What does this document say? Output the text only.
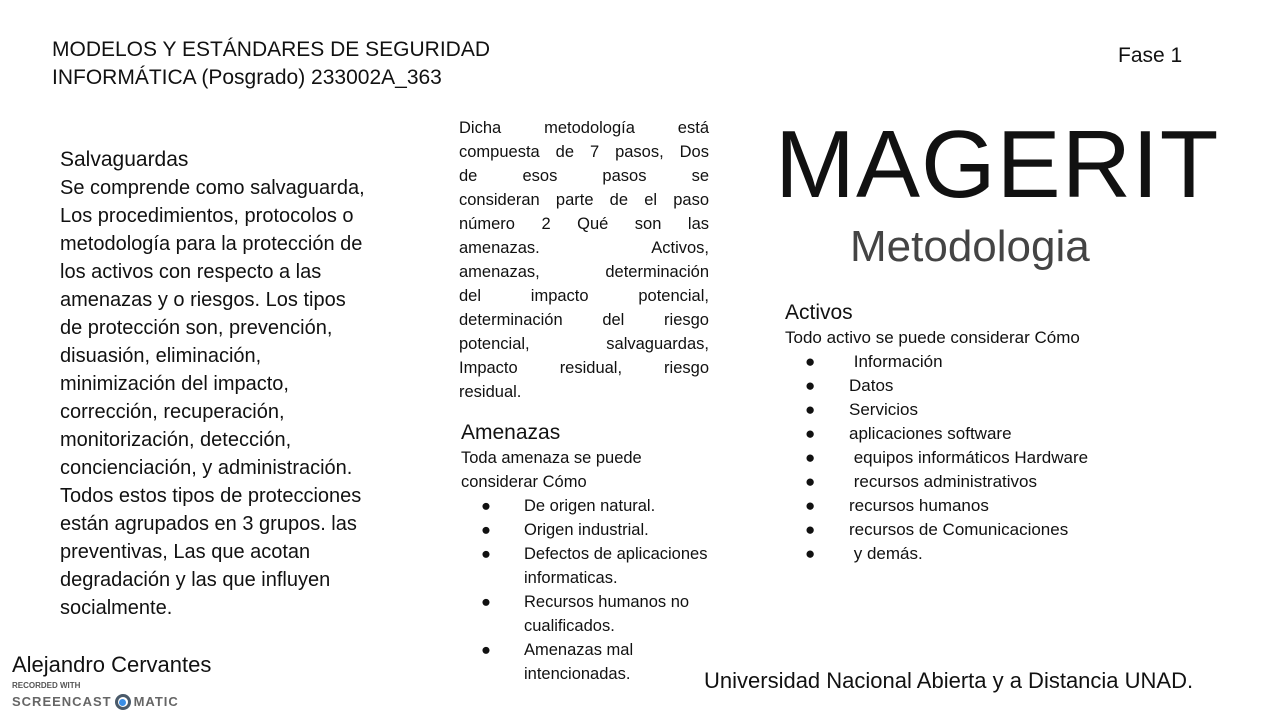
MODELOS Y ESTÁNDARES DE SEGURIDAD
INFORMÁTICA (Posgrado) 233002A_363
Fase 1
Salvaguardas
Se comprende como salvaguarda,
Los procedimientos, protocolos o
metodología para la protección de
los activos con respecto a las
amenazas y o riesgos. Los tipos
de protección son, prevención,
disuasión, eliminación,
minimización del impacto,
corrección, recuperación,
monitorización, detección,
concienciación, y administración.
Todos estos tipos de protecciones
están agrupados en 3 grupos. las
preventivas, Las que acotan
degradación y las que influyen
socialmente.
Dicha metodología está
compuesta de 7 pasos, Dos
de esos pasos se
consideran parte de el paso
número 2 Qué son las
amenazas. Activos,
amenazas, determinación
del impacto potencial,
determinación del riesgo
potencial, salvaguardas,
Impacto residual, riesgo
residual.
Amenazas
Toda amenaza se puede
considerar Cómo
● De origen natural.
● Origen industrial.
● Defectos de aplicaciones
informaticas.
● Recursos humanos no
cualificados.
● Amenazas mal
intencionadas.
MAGERIT
Metodologia
Activos
Todo activo se puede considerar Cómo
● Información
● Datos
● Servicios
● aplicaciones software
● equipos informáticos Hardware
● recursos administrativos
● recursos humanos
● recursos de Comunicaciones
● y demás.
Alejandro Cervantes
RECORDED WITH
SCREENCAST MATIC
Universidad Nacional Abierta y a Distancia UNAD.
